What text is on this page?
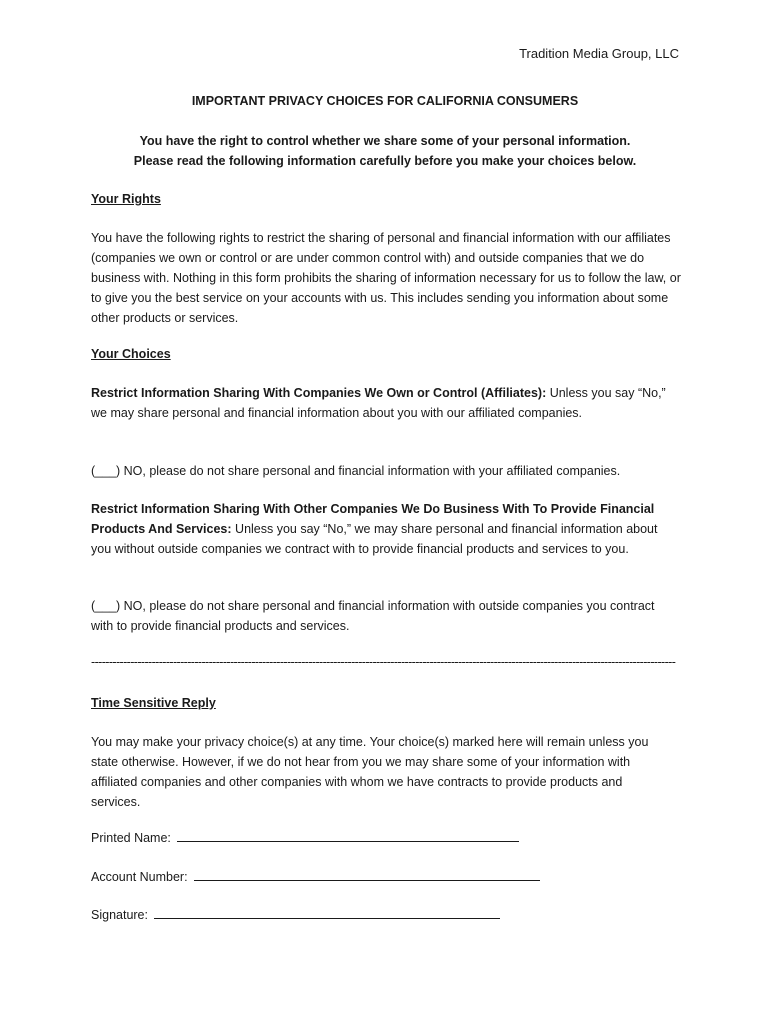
Tradition Media Group, LLC
IMPORTANT PRIVACY CHOICES FOR CALIFORNIA CONSUMERS
You have the right to control whether we share some of your personal information.
Please read the following information carefully before you make your choices below.
Your Rights
You have the following rights to restrict the sharing of personal and financial information with our affiliates (companies we own or control or are under common control with) and outside companies that we do business with. Nothing in this form prohibits the sharing of information necessary for us to follow the law, or to give you the best service on your accounts with us. This includes sending you information about some other products or services.
Your Choices
Restrict Information Sharing With Companies We Own or Control (Affiliates): Unless you say “No,” we may share personal and financial information about you with our affiliated companies.
(___) NO, please do not share personal and financial information with your affiliated companies.
Restrict Information Sharing With Other Companies We Do Business With To Provide Financial Products And Services: Unless you say “No,” we may share personal and financial information about you without outside companies we contract with to provide financial products and services to you.
(___) NO, please do not share personal and financial information with outside companies you contract with to provide financial products and services.
--------------------------------------------------------------------------------------------------------------------------------------------------------------------
Time Sensitive Reply
You may make your privacy choice(s) at any time. Your choice(s) marked here will remain unless you state otherwise. However, if we do not hear from you we may share some of your information with affiliated companies and other companies with whom we have contracts to provide products and services.
Printed Name:
Account Number:
Signature:
